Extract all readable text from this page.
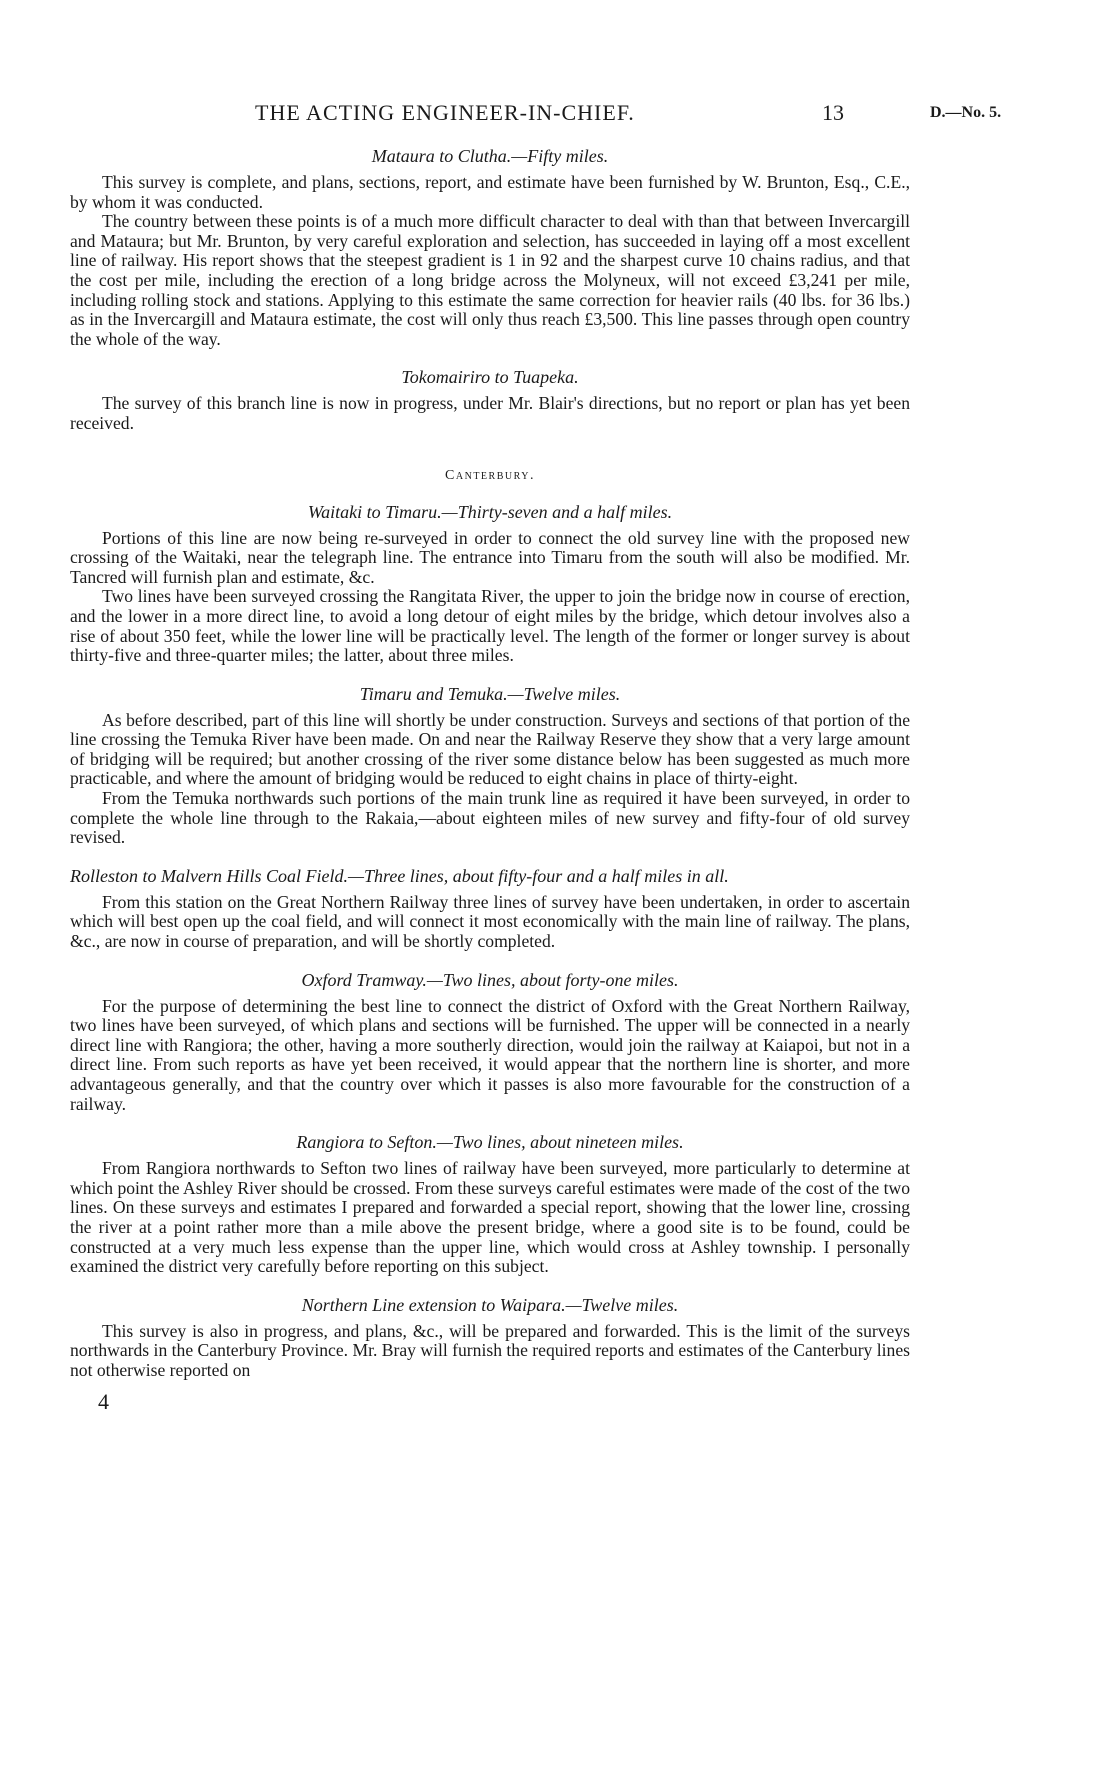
THE ACTING ENGINEER-IN-CHIEF.	13	D.—No. 5.
Mataura to Clutha.—Fifty miles.

This survey is complete, and plans, sections, report, and estimate have been furnished by W. Brunton, Esq., C.E., by whom it was conducted.

The country between these points is of a much more difficult character to deal with than that between Invercargill and Mataura; but Mr. Brunton, by very careful exploration and selection, has succeeded in laying off a most excellent line of railway. His report shows that the steepest gradient is 1 in 92 and the sharpest curve 10 chains radius, and that the cost per mile, including the erection of a long bridge across the Molyneux, will not exceed £3,241 per mile, including rolling stock and stations. Applying to this estimate the same correction for heavier rails (40 lbs. for 36 lbs.) as in the Invercargill and Mataura estimate, the cost will only thus reach £3,500. This line passes through open country the whole of the way.

Tokomairiro to Tuapeka.

The survey of this branch line is now in progress, under Mr. Blair's directions, but no report or plan has yet been received.

Canterbury.
Waitaki to Timaru.—Thirty-seven and a half miles.

Portions of this line are now being re-surveyed in order to connect the old survey line with the proposed new crossing of the Waitaki, near the telegraph line. The entrance into Timaru from the south will also be modified. Mr. Tancred will furnish plan and estimate, &c.

Two lines have been surveyed crossing the Rangitata River, the upper to join the bridge now in course of erection, and the lower in a more direct line, to avoid a long detour of eight miles by the bridge, which detour involves also a rise of about 350 feet, while the lower line will be practically level. The length of the former or longer survey is about thirty-five and three-quarter miles; the latter, about three miles.

Timaru and Temuka.—Twelve miles.

As before described, part of this line will shortly be under construction. Surveys and sections of that portion of the line crossing the Temuka River have been made. On and near the Railway Reserve they show that a very large amount of bridging will be required; but another crossing of the river some distance below has been suggested as much more practicable, and where the amount of bridging would be reduced to eight chains in place of thirty-eight.

From the Temuka northwards such portions of the main trunk line as required it have been surveyed, in order to complete the whole line through to the Rakaia,—about eighteen miles of new survey and fifty-four of old survey revised.

Rolleston to Malvern Hills Coal Field.—Three lines, about fifty-four and a half miles in all.

From this station on the Great Northern Railway three lines of survey have been undertaken, in order to ascertain which will best open up the coal field, and will connect it most economically with the main line of railway. The plans, &c., are now in course of preparation, and will be shortly completed.

Oxford Tramway.—Two lines, about forty-one miles.

For the purpose of determining the best line to connect the district of Oxford with the Great Northern Railway, two lines have been surveyed, of which plans and sections will be furnished. The upper will be connected in a nearly direct line with Rangiora; the other, having a more southerly direction, would join the railway at Kaiapoi, but not in a direct line. From such reports as have yet been received, it would appear that the northern line is shorter, and more advantageous generally, and that the country over which it passes is also more favourable for the construction of a railway.

Rangiora to Sefton.—Two lines, about nineteen miles.

From Rangiora northwards to Sefton two lines of railway have been surveyed, more particularly to determine at which point the Ashley River should be crossed. From these surveys careful estimates were made of the cost of the two lines. On these surveys and estimates I prepared and forwarded a special report, showing that the lower line, crossing the river at a point rather more than a mile above the present bridge, where a good site is to be found, could be constructed at a very much less expense than the upper line, which would cross at Ashley township. I personally examined the district very carefully before reporting on this subject.

Northern Line extension to Waipara.—Twelve miles.

This survey is also in progress, and plans, &c., will be prepared and forwarded. This is the limit of the surveys northwards in the Canterbury Province. Mr. Bray will furnish the required reports and estimates of the Canterbury lines not otherwise reported on

4
